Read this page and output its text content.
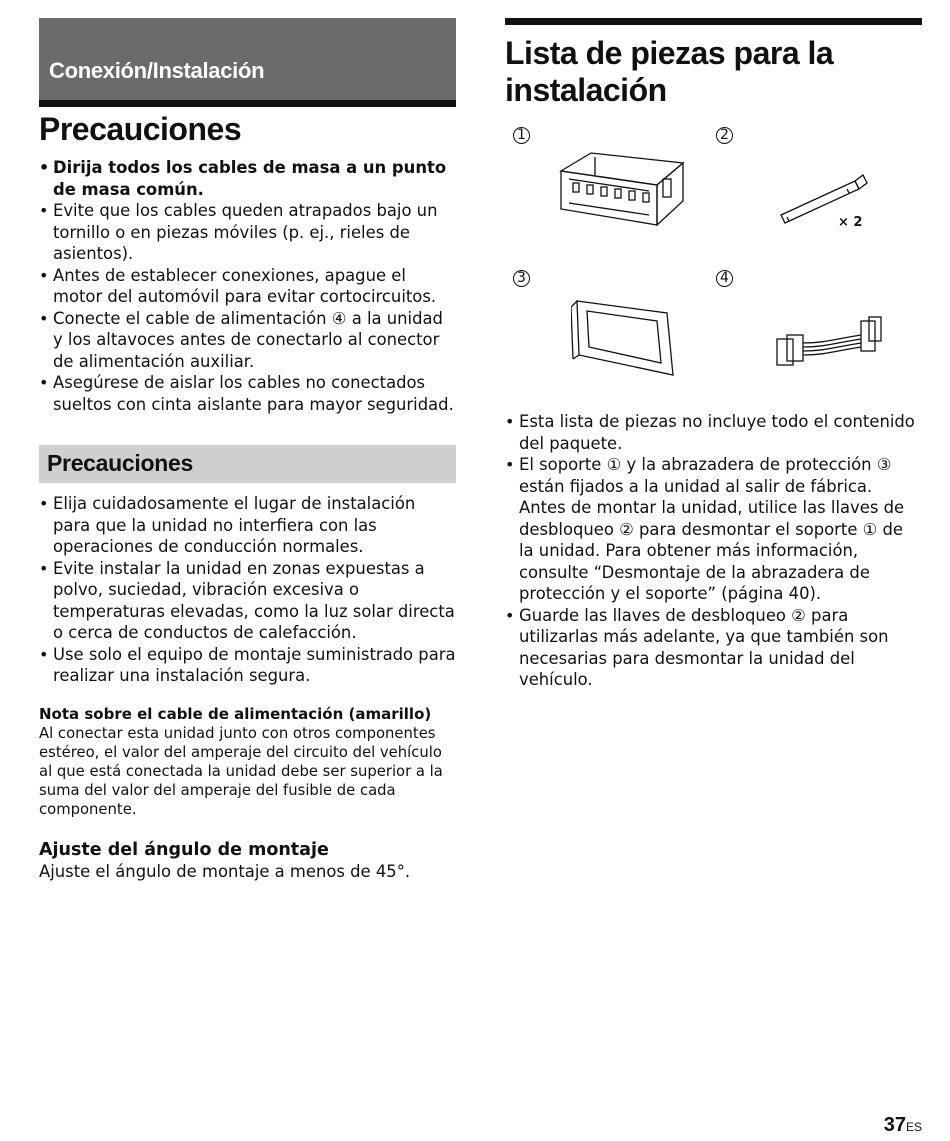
Conexión/Instalación
Precauciones
• Dirija todos los cables de masa a un punto de masa común.
• Evite que los cables queden atrapados bajo un tornillo o en piezas móviles (p. ej., rieles de asientos).
• Antes de establecer conexiones, apague el motor del automóvil para evitar cortocircuitos.
• Conecte el cable de alimentación ④ a la unidad y los altavoces antes de conectarlo al conector de alimentación auxiliar.
• Asegúrese de aislar los cables no conectados sueltos con cinta aislante para mayor seguridad.
Precauciones
• Elija cuidadosamente el lugar de instalación para que la unidad no interfiera con las operaciones de conducción normales.
• Evite instalar la unidad en zonas expuestas a polvo, suciedad, vibración excesiva o temperaturas elevadas, como la luz solar directa o cerca de conductos de calefacción.
• Use solo el equipo de montaje suministrado para realizar una instalación segura.
Nota sobre el cable de alimentación (amarillo)
Al conectar esta unidad junto con otros componentes estéreo, el valor del amperaje del circuito del vehículo al que está conectada la unidad debe ser superior a la suma del valor del amperaje del fusible de cada componente.
Ajuste del ángulo de montaje
Ajuste el ángulo de montaje a menos de 45°.
Lista de piezas para la
instalación
1	2
× 2
3	4
• Esta lista de piezas no incluye todo el contenido del paquete.
• El soporte ① y la abrazadera de protección ③ están fijados a la unidad al salir de fábrica. Antes de montar la unidad, utilice las llaves de desbloqueo ② para desmontar el soporte ① de la unidad. Para obtener más información, consulte “Desmontaje de la abrazadera de protección y el soporte” (página 40).
• Guarde las llaves de desbloqueo ② para utilizarlas más adelante, ya que también son necesarias para desmontar la unidad del vehículo.
37ES
